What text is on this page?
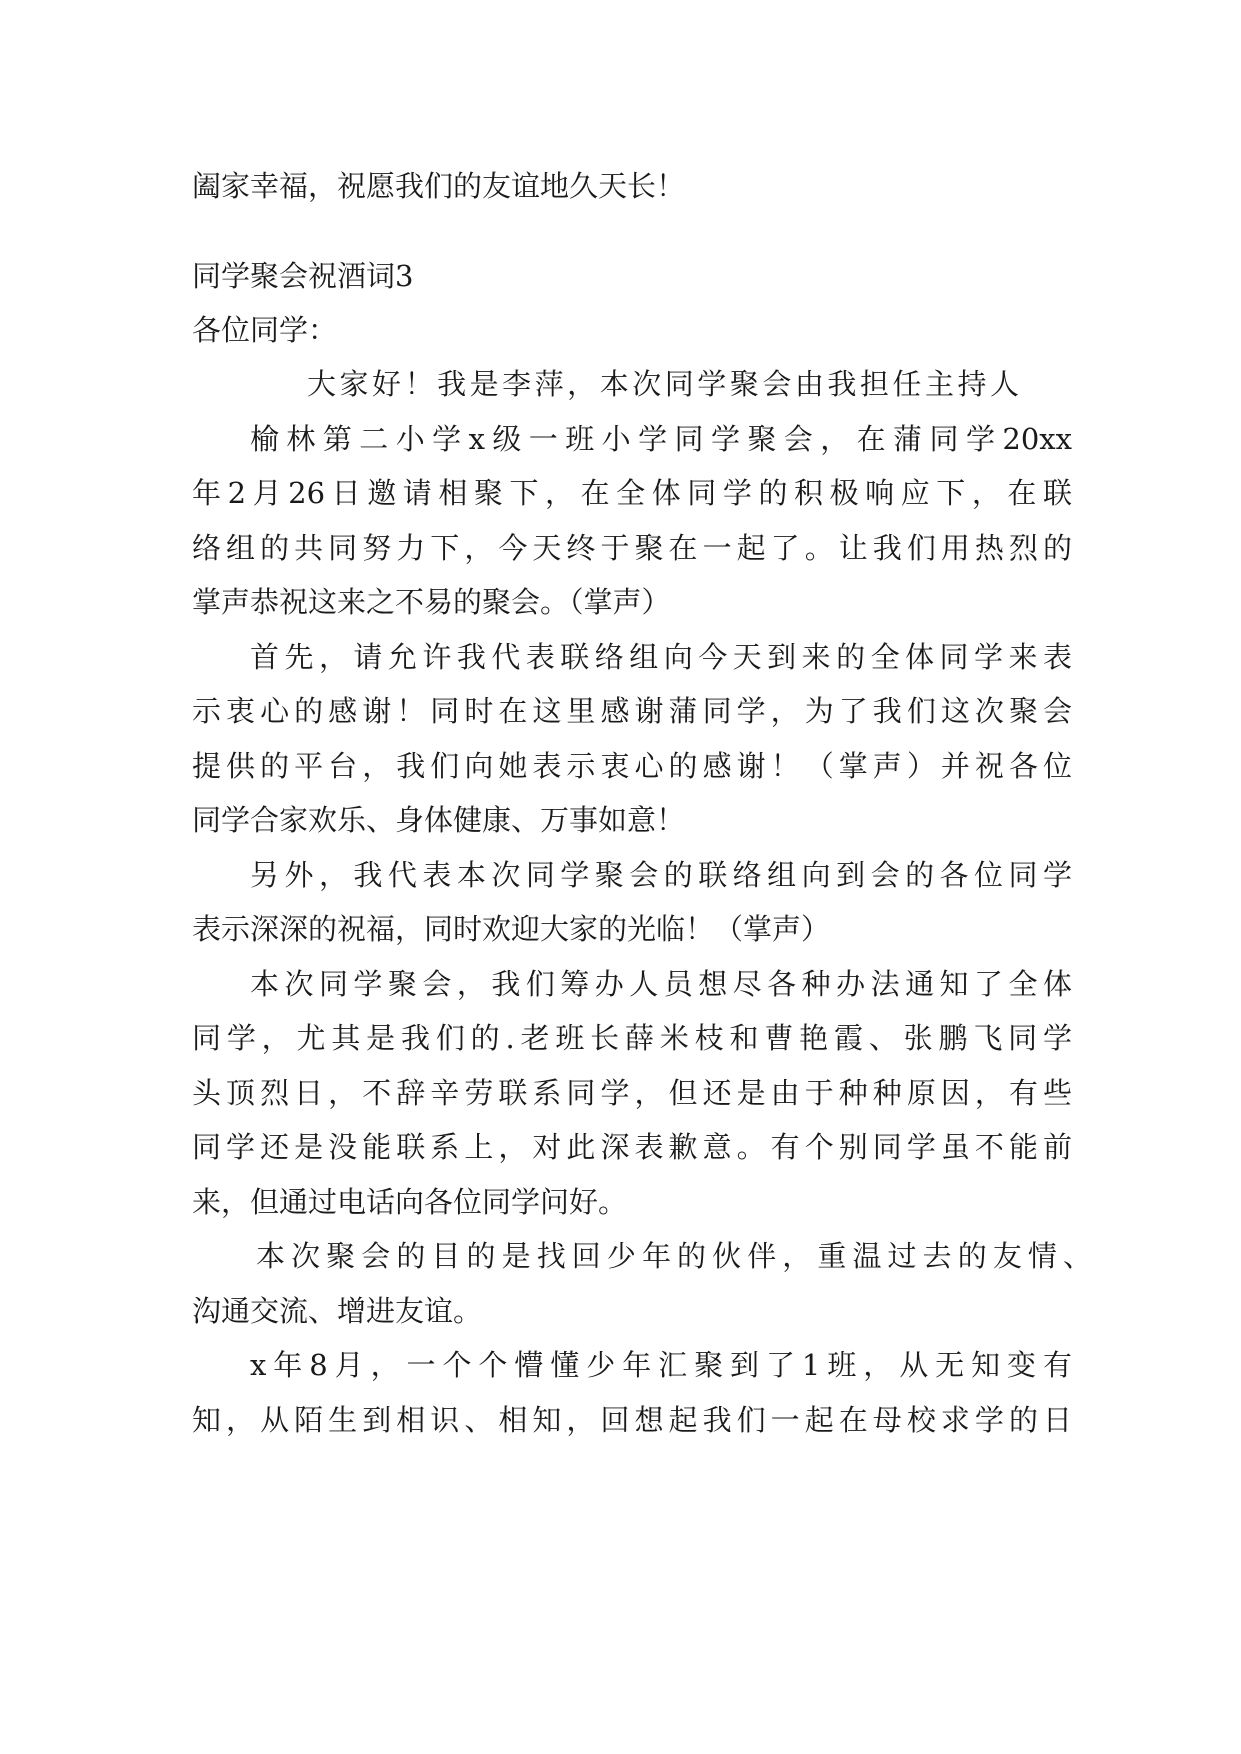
阖家幸福，祝愿我们的友谊地久天长！
同学聚会祝酒词3
各位同学：
大家好！我是李萍，本次同学聚会由我担任主持人
榆林第二小学x级一班小学同学聚会，在蒲同学20xx
年2月26日邀请相聚下，在全体同学的积极响应下，在联
络组的共同努力下，今天终于聚在一起了。让我们用热烈的
掌声恭祝这来之不易的聚会。（掌声）
首先，请允许我代表联络组向今天到来的全体同学来表
示衷心的感谢！同时在这里感谢蒲同学，为了我们这次聚会
提供的平台，我们向她表示衷心的感谢！（掌声）并祝各位
同学合家欢乐、身体健康、万事如意！
另外，我代表本次同学聚会的联络组向到会的各位同学
表示深深的祝福，同时欢迎大家的光临！（掌声）
本次同学聚会，我们筹办人员想尽各种办法通知了全体
同学，尤其是我们的.老班长薛米枝和曹艳霞、张鹏飞同学
头顶烈日，不辞辛劳联系同学，但还是由于种种原因，有些
同学还是没能联系上，对此深表歉意。有个别同学虽不能前
来，但通过电话向各位同学问好。
本次聚会的目的是找回少年的伙伴，重温过去的友情、
沟通交流、增进友谊。
x年8月，一个个懵懂少年汇聚到了1班，从无知变有
知，从陌生到相识、相知，回想起我们一起在母校求学的日
